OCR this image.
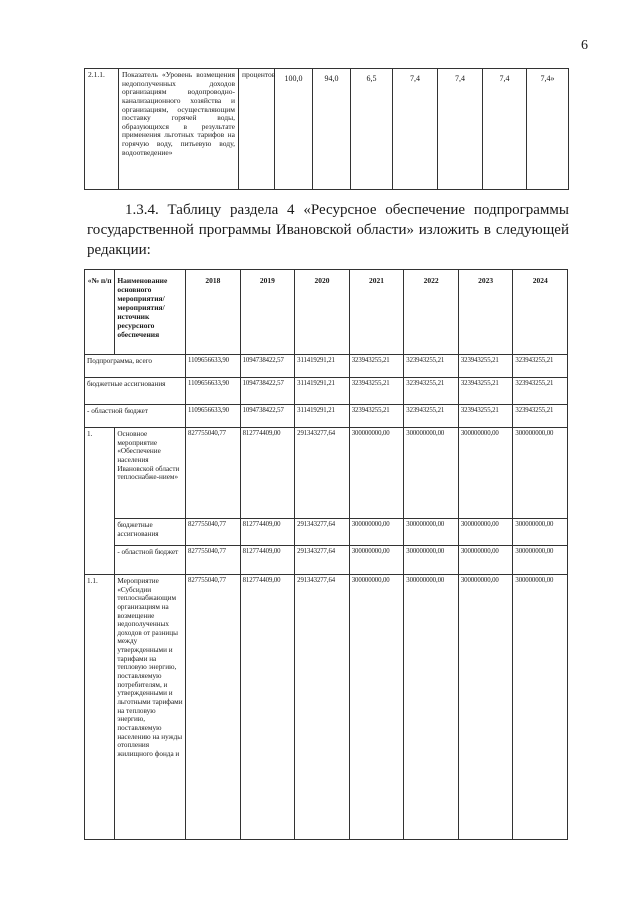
6
2.1.1.	Показатель «Уровень возмещения недополученных доходов организациям водопроводно-канализационного хозяйства и организациям, осуществляющим поставку горячей воды, образующихся в результате применения льготных тарифов на горячую воду, питьевую воду, водоотведение»	процентов	100,0	94,0	6,5	7,4	7,4	7,4	7,4»
1.3.4. Таблицу раздела 4 «Ресурсное обеспечение подпрограммы государственной программы Ивановской области» изложить в следующей редакции:
«№ п/п	Наименование основного мероприятия/ мероприятия/ источник ресурсного обеспечения	2018	2019	2020	2021	2022	2023	2024
Подпрограмма, всего		1109656633,90	1094738422,57	311419291,21	323943255,21	323943255,21	323943255,21	323943255,21
бюджетные ассигнования		1109656633,90	1094738422,57	311419291,21	323943255,21	323943255,21	323943255,21	323943255,21
- областной бюджет		1109656633,90	1094738422,57	311419291,21	323943255,21	323943255,21	323943255,21	323943255,21
1.	Основное мероприятие «Обеспечение населения Ивановской области теплоснабже-нием»	827755040,77	812774409,00	291343277,64	300000000,00	300000000,00	300000000,00	300000000,00
	бюджетные ассигнования	827755040,77	812774409,00	291343277,64	300000000,00	300000000,00	300000000,00	300000000,00
	- областной бюджет	827755040,77	812774409,00	291343277,64	300000000,00	300000000,00	300000000,00	300000000,00
1.1.	Мероприятие «Субсидии теплоснабжающим организациям на возмещение недополученных доходов от разницы между утвержденными и тарифами на тепловую энергию, поставляемую потребителям, и утвержденными и льготными тарифами на тепловую энергию, поставляемую населению на нужды отопления жилищного фонда и	827755040,77	812774409,00	291343277,64	300000000,00	300000000,00	300000000,00	300000000,00
